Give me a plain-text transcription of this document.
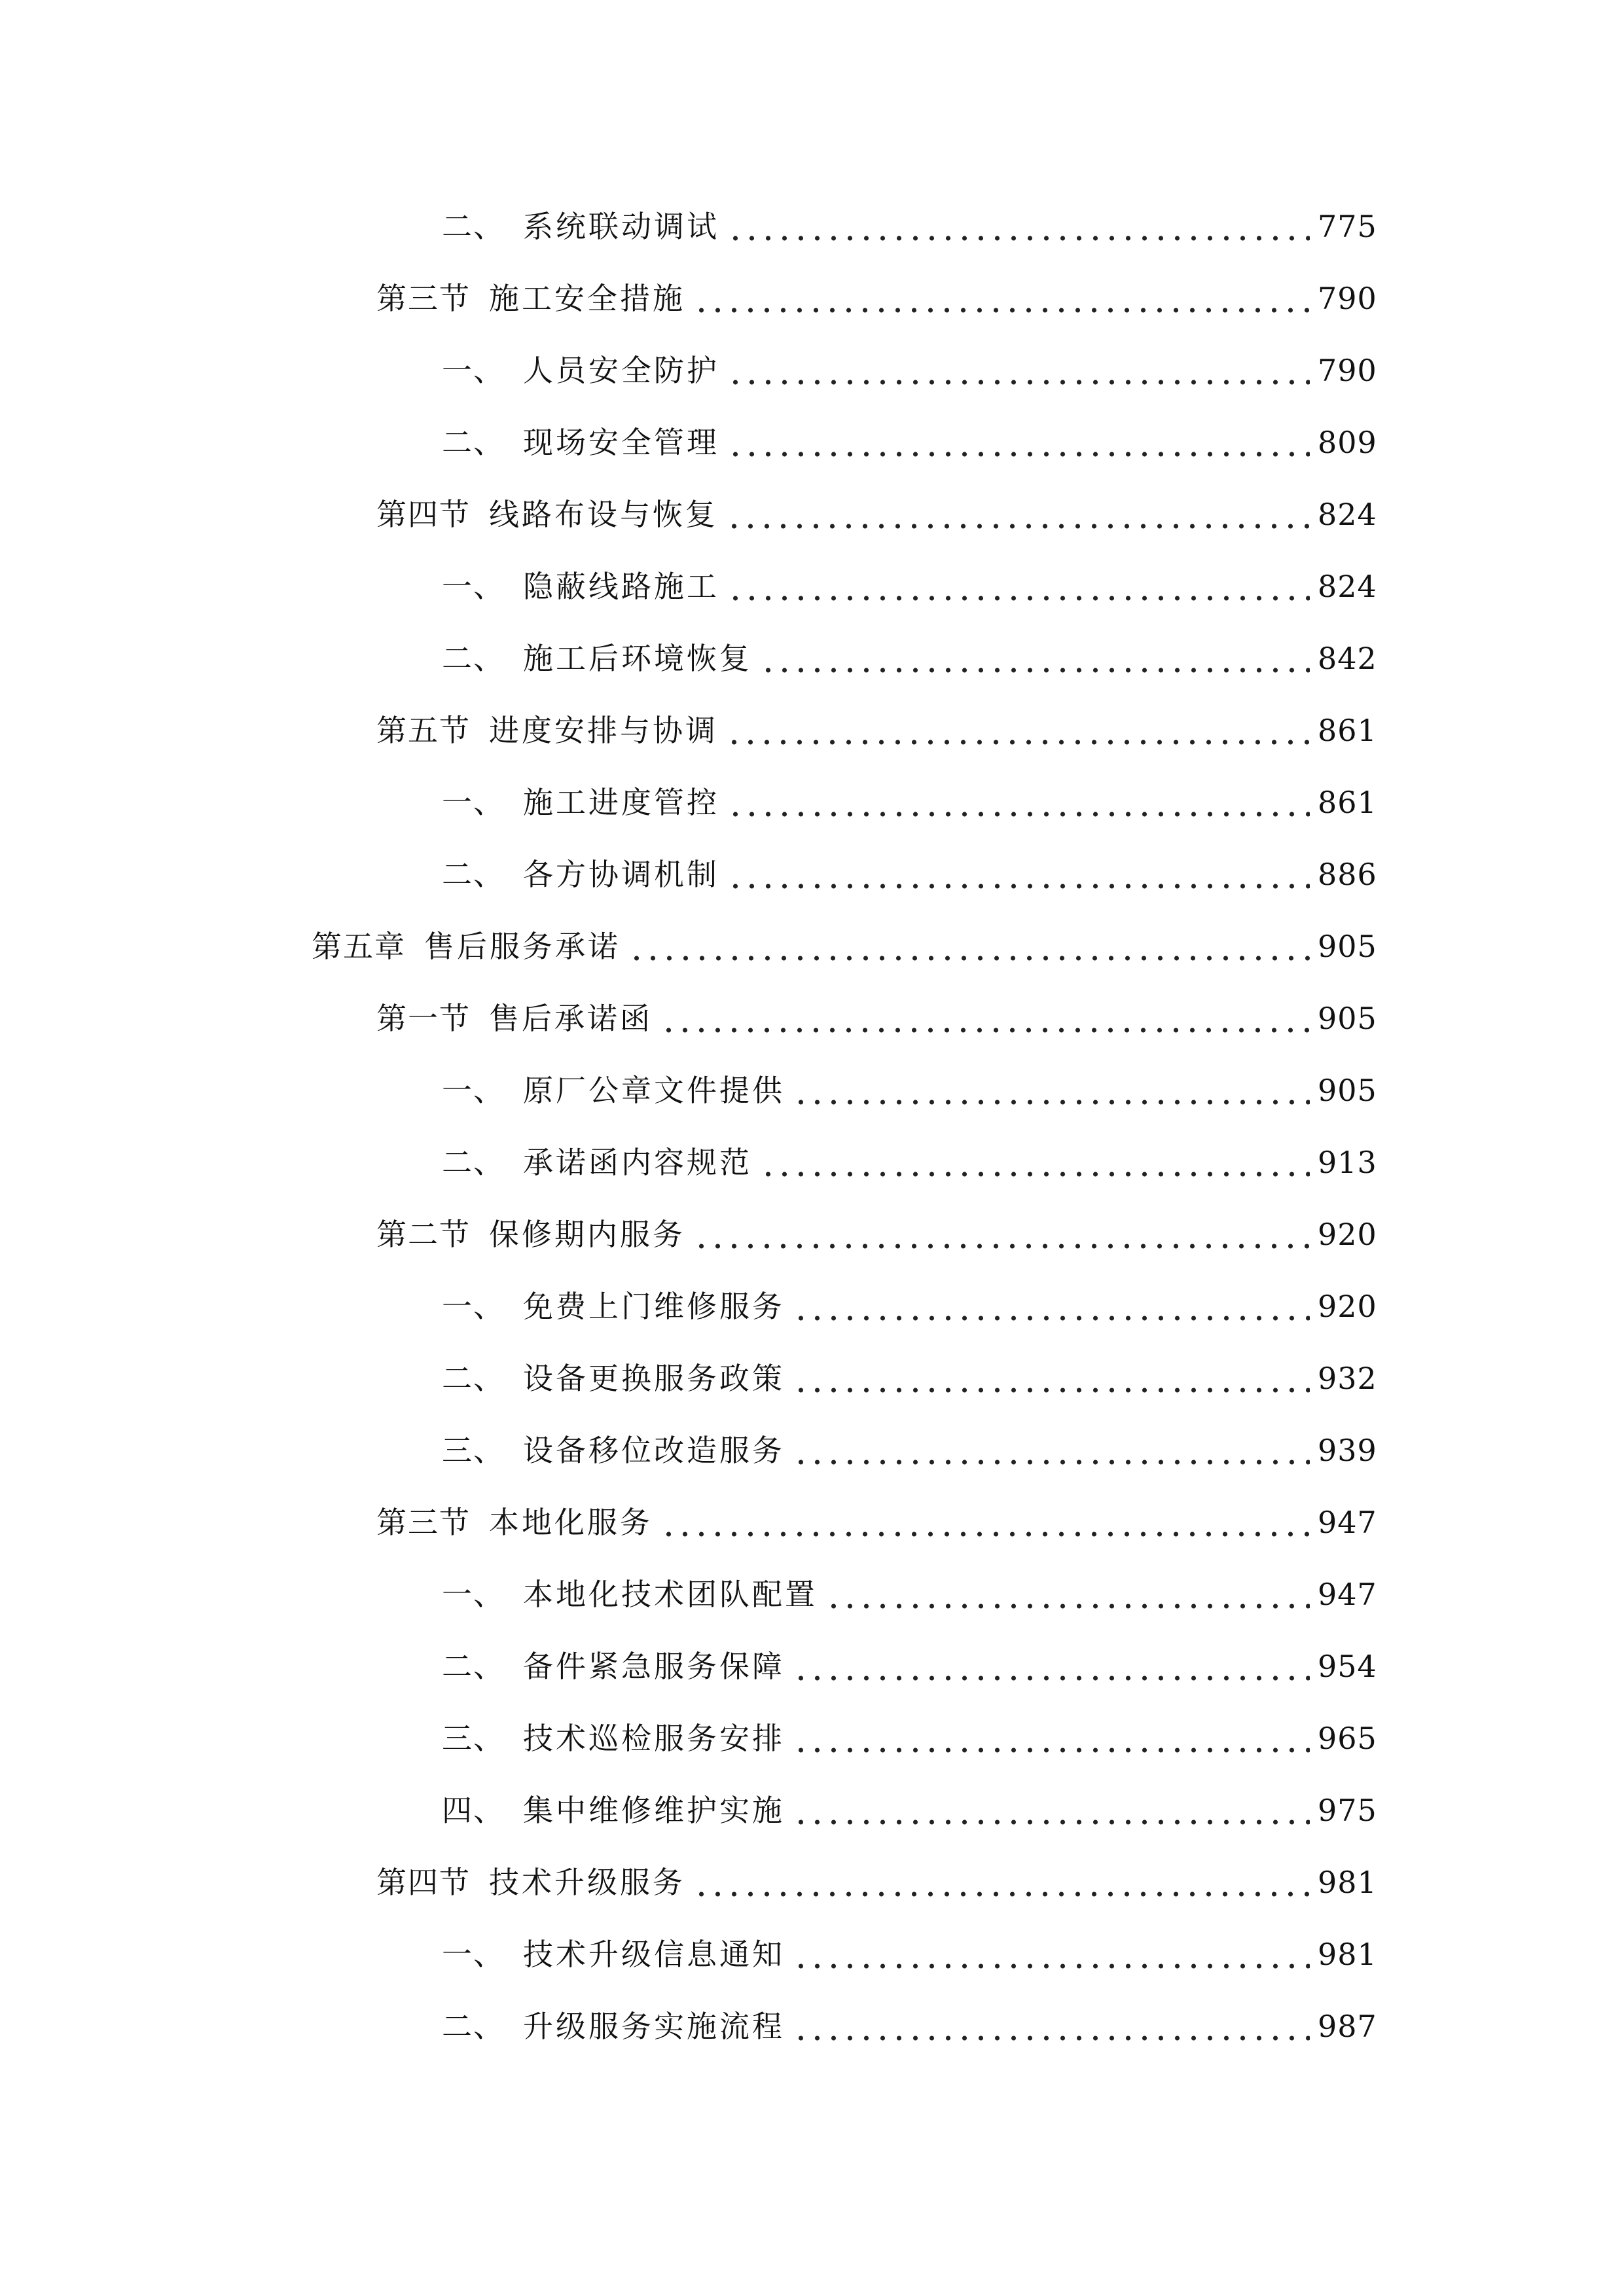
二、 系统联动调试	775
第三节 施工安全措施	790
一、 人员安全防护	790
二、 现场安全管理	809
第四节 线路布设与恢复	824
一、 隐蔽线路施工	824
二、 施工后环境恢复	842
第五节 进度安排与协调	861
一、 施工进度管控	861
二、 各方协调机制	886
第五章 售后服务承诺	905
第一节 售后承诺函	905
一、 原厂公章文件提供	905
二、 承诺函内容规范	913
第二节 保修期内服务	920
一、 免费上门维修服务	920
二、 设备更换服务政策	932
三、 设备移位改造服务	939
第三节 本地化服务	947
一、 本地化技术团队配置	947
二、 备件紧急服务保障	954
三、 技术巡检服务安排	965
四、 集中维修维护实施	975
第四节 技术升级服务	981
一、 技术升级信息通知	981
二、 升级服务实施流程	987
